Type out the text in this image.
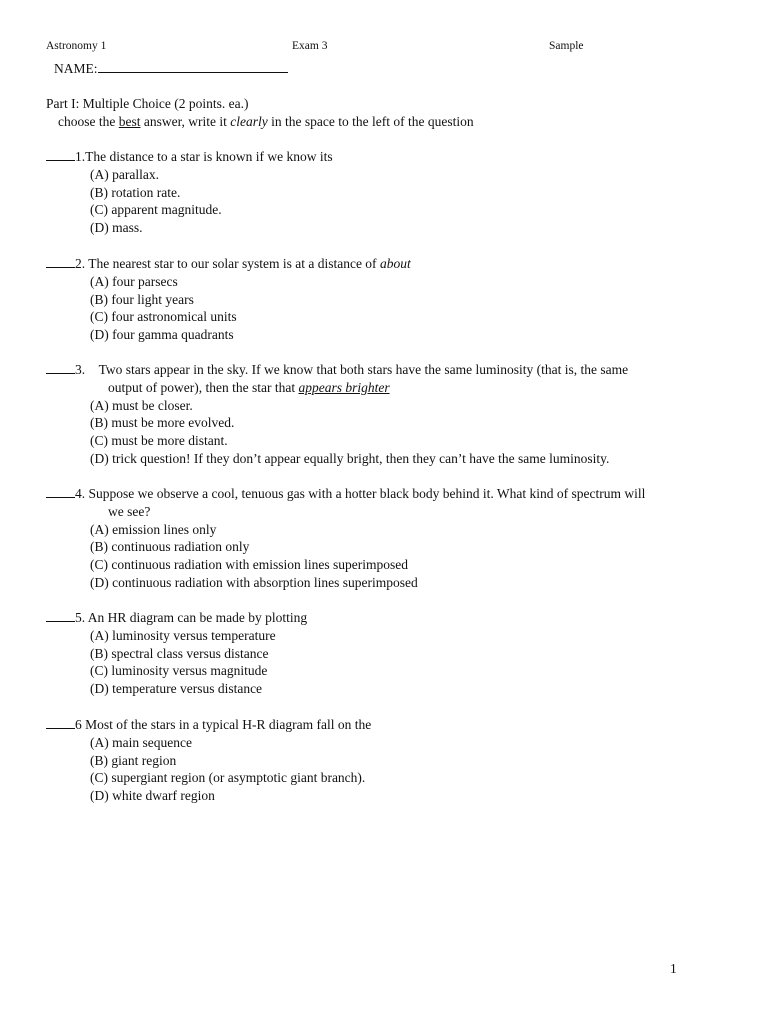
Astronomy 1	Exam 3	Sample
NAME:
Part I: Multiple Choice (2 points. ea.)
choose the best answer, write it clearly in the space to the left of the question
1.The distance to a star is known if we know its
(A) parallax.
(B) rotation rate.
(C) apparent magnitude.
(D) mass.
2. The nearest star to our solar system is at a distance of about
(A) four parsecs
(B) four light years
(C) four astronomical units
(D) four gamma quadrants
3. Two stars appear in the sky. If we know that both stars have the same luminosity (that is, the same
output of power), then the star that appears brighter
(A) must be closer.
(B) must be more evolved.
(C) must be more distant.
(D) trick question! If they don’t appear equally bright, then they can’t have the same luminosity.
4. Suppose we observe a cool, tenuous gas with a hotter black body behind it. What kind of spectrum will
we see?
(A) emission lines only
(B) continuous radiation only
(C) continuous radiation with emission lines superimposed
(D) continuous radiation with absorption lines superimposed
5. An HR diagram can be made by plotting
(A) luminosity versus temperature
(B) spectral class versus distance
(C) luminosity versus magnitude
(D) temperature versus distance
6 Most of the stars in a typical H-R diagram fall on the
(A) main sequence
(B) giant region
(C) supergiant region (or asymptotic giant branch).
(D) white dwarf region
1
